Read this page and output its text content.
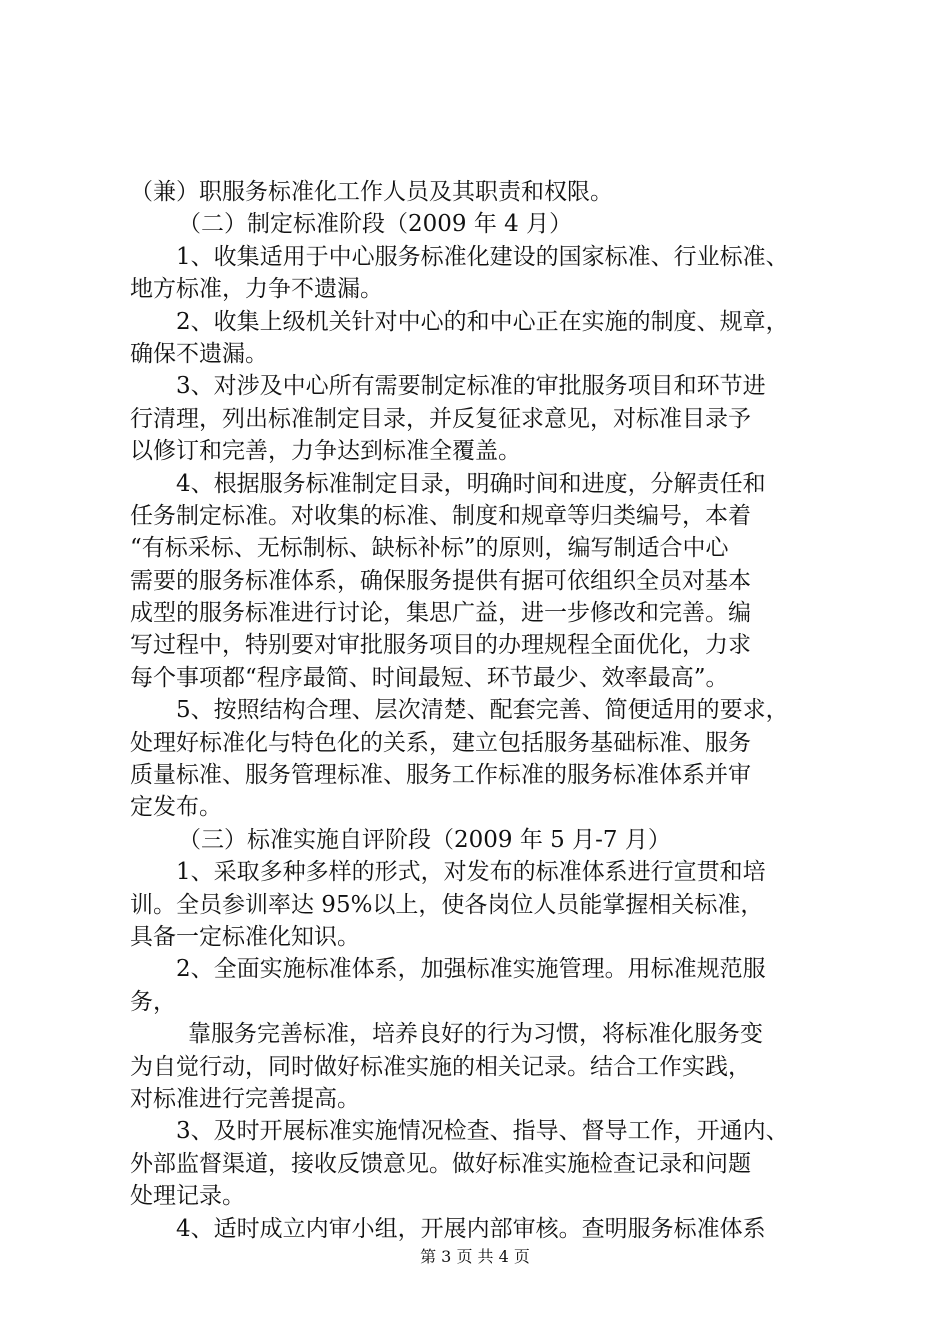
（兼）职服务标准化工作人员及其职责和权限。
（二）制定标准阶段（2009 年 4 月）
1、收集适用于中心服务标准化建设的国家标准、行业标准、
地方标准，力争不遗漏。
2、收集上级机关针对中心的和中心正在实施的制度、规章，
确保不遗漏。
3、对涉及中心所有需要制定标准的审批服务项目和环节进
行清理，列出标准制定目录，并反复征求意见，对标准目录予
以修订和完善，力争达到标准全覆盖。
4、根据服务标准制定目录，明确时间和进度，分解责任和
任务制定标准。对收集的标准、制度和规章等归类编号，本着
“有标采标、无标制标、缺标补标”的原则，编写制适合中心
需要的服务标准体系，确保服务提供有据可依组织全员对基本
成型的服务标准进行讨论，集思广益，进一步修改和完善。编
写过程中，特别要对审批服务项目的办理规程全面优化，力求
每个事项都“程序最简、时间最短、环节最少、效率最高”。
5、按照结构合理、层次清楚、配套完善、简便适用的要求，
处理好标准化与特色化的关系，建立包括服务基础标准、服务
质量标准、服务管理标准、服务工作标准的服务标准体系并审
定发布。
（三）标准实施自评阶段（2009 年 5 月-7 月）
1、采取多种多样的形式，对发布的标准体系进行宣贯和培
训。全员参训率达 95%以上，使各岗位人员能掌握相关标准，
具备一定标准化知识。
2、全面实施标准体系，加强标准实施管理。用标准规范服
务，
靠服务完善标准，培养良好的行为习惯，将标准化服务变
为自觉行动，同时做好标准实施的相关记录。结合工作实践，
对标准进行完善提高。
3、及时开展标准实施情况检查、指导、督导工作，开通内、
外部监督渠道，接收反馈意见。做好标准实施检查记录和问题
处理记录。
4、适时成立内审小组，开展内部审核。查明服务标准体系
第 3 页 共 4 页
